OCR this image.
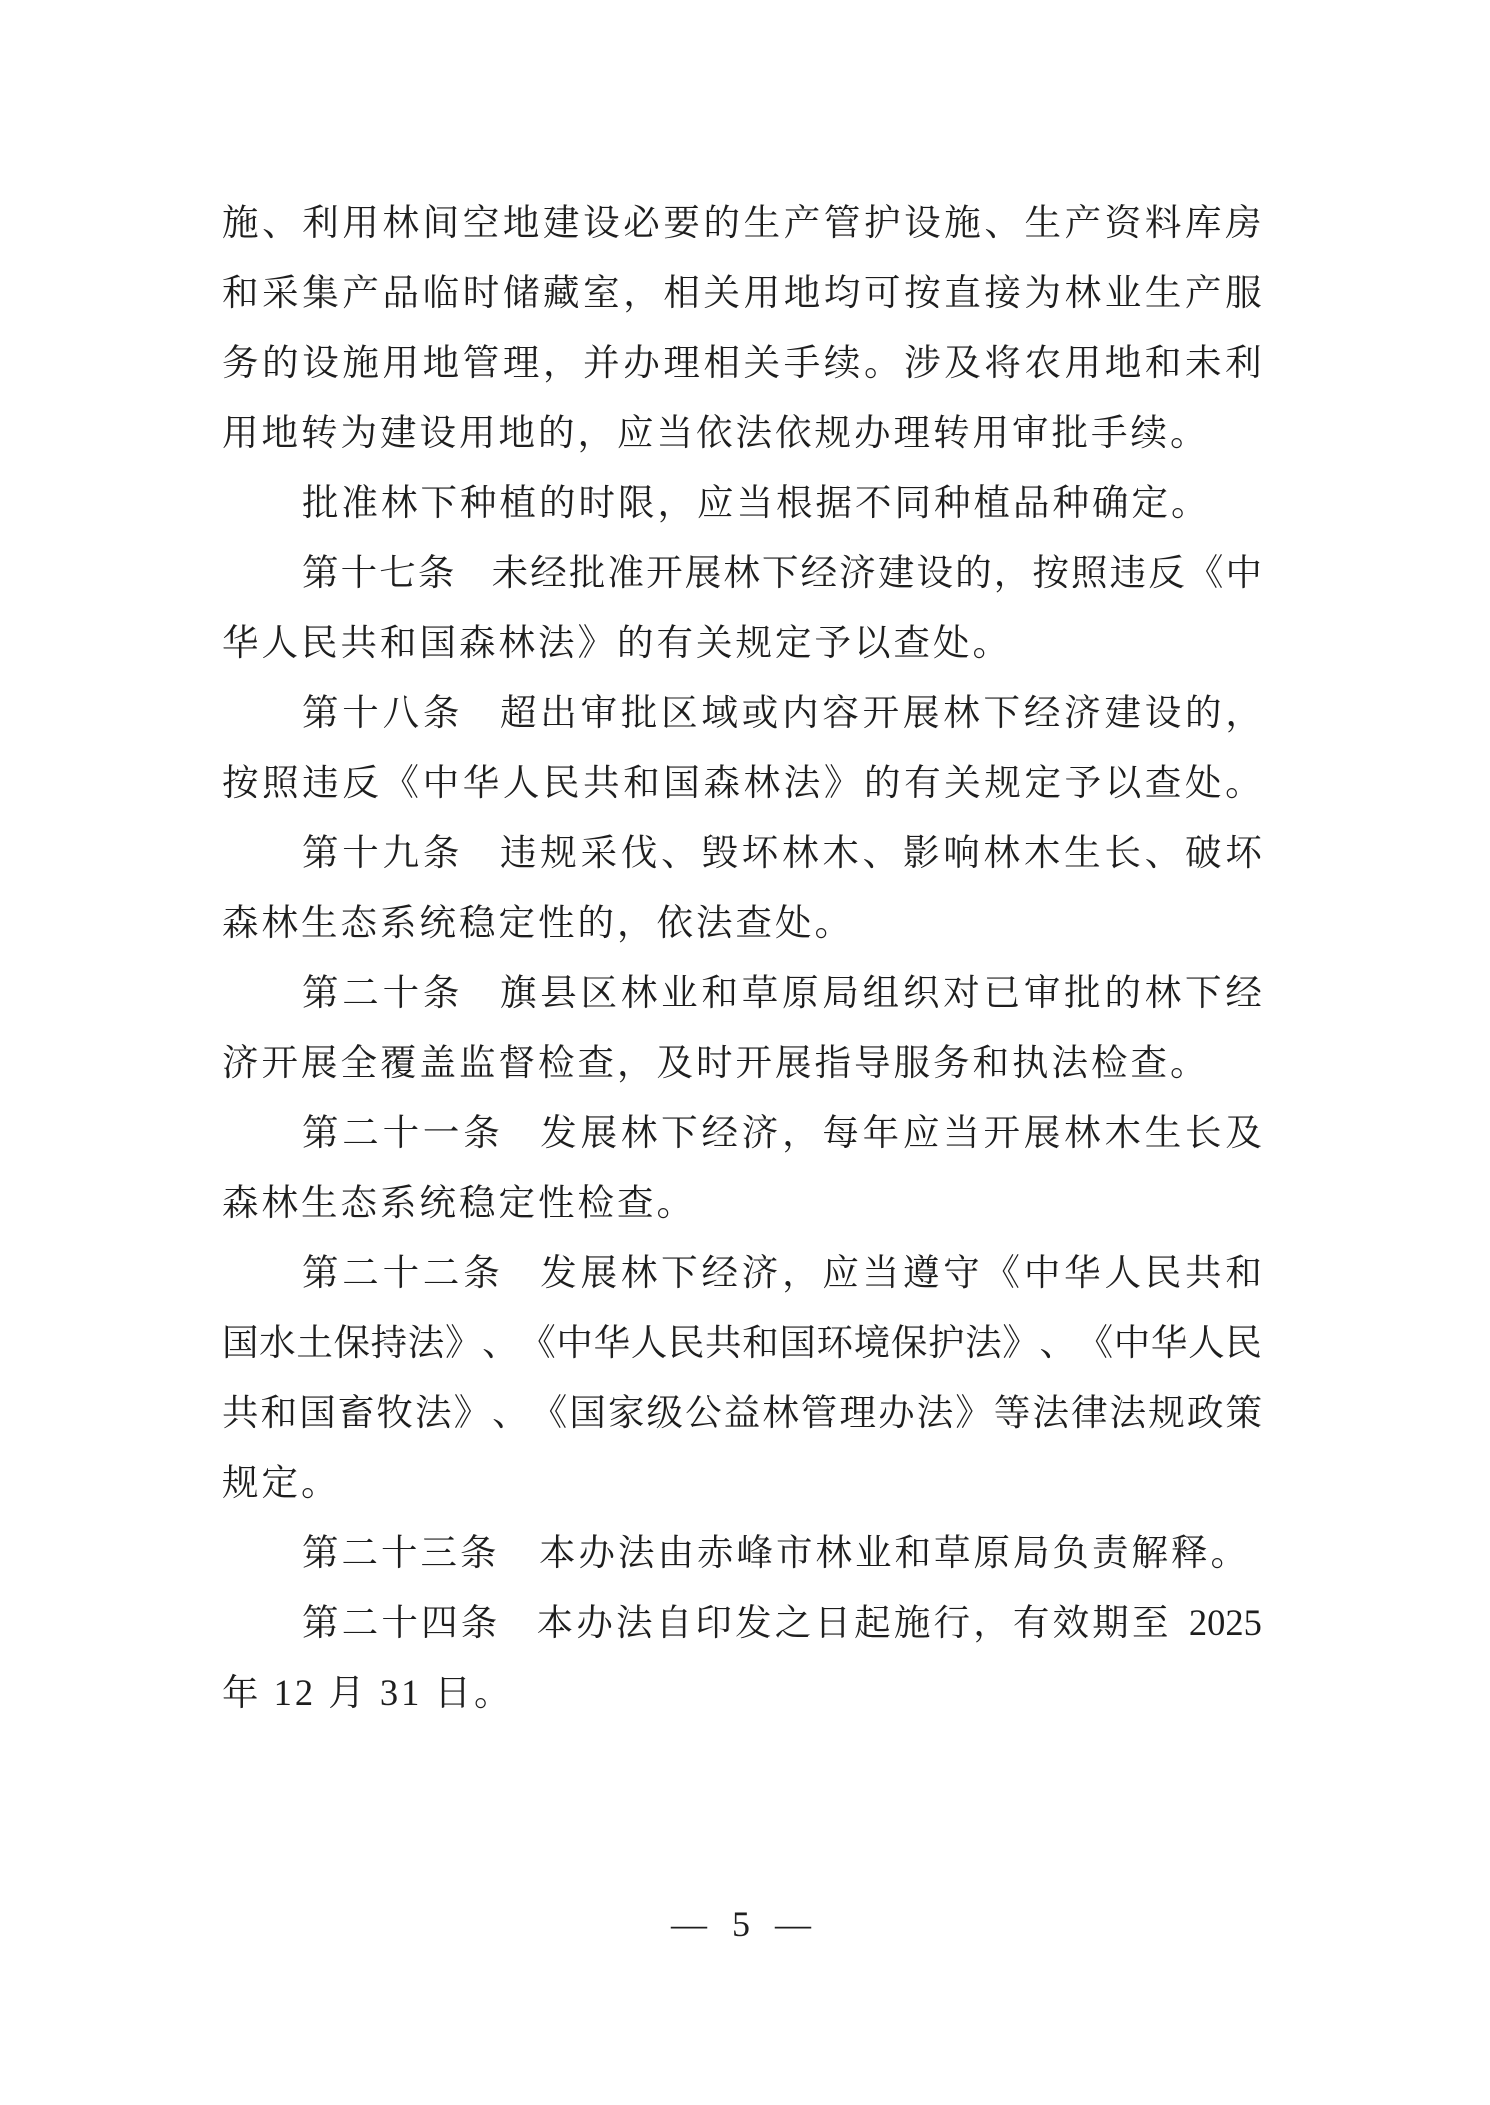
施 、 利 用 林 间 空 地 建 设 必 要 的 生 产 管 护 设 施 、 生 产 资 料 库 房
和 采 集 产 品 临 时 储 藏 室 ， 相 关 用 地 均 可 按 直 接 为 林 业 生 产 服
务 的 设 施 用 地 管 理 ， 并 办 理 相 关 手 续 。 涉 及 将 农 用 地 和 未 利
用地转为建设用地的，应当依法依规办理转用审批手续。
批准林下种植的时限，应当根据不同种植品种确定。
第 十 七 条 未 经 批 准 开 展 林 下 经 济 建 设 的 ， 按 照 违 反 《 中
华人民共和国森林法》的有关规定予以查处。
第 十 八 条 超 出 审 批 区 域 或 内 容 开 展 林 下 经 济 建 设 的 ，
按 照 违 反 《 中 华 人 民 共 和 国 森 林 法 》 的 有 关 规 定 予 以 查 处 。
第 十 九 条 违 规 采 伐 、 毁 坏 林 木 、 影 响 林 木 生 长 、 破 坏
森林生态系统稳定性的，依法查处。
第 二 十 条 旗 县 区 林 业 和 草 原 局 组 织 对 已 审 批 的 林 下 经
济开展全覆盖监督检查，及时开展指导服务和执法检查。
第 二 十 一 条 发 展 林 下 经 济 ， 每 年 应 当 开 展 林 木 生 长 及
森林生态系统稳定性检查。
第 二 十 二 条 发 展 林 下 经 济 ， 应 当 遵 守 《 中 华 人 民 共 和
国 水 土 保 持 法 》 、 《 中 华 人 民 共 和 国 环 境 保 护 法 》 、 《 中 华 人 民
共 和 国 畜 牧 法 》 、 《 国 家 级 公 益 林 管 理 办 法 》 等 法 律 法 规 政 策
规定。
第二十三条　本办法由赤峰市林业和草原局负责解释。
第 二 十 四 条 本 办 法 自 印 发 之 日 起 施 行 ， 有 效 期 至 2025
年 12 月 31 日。
— 5 —
